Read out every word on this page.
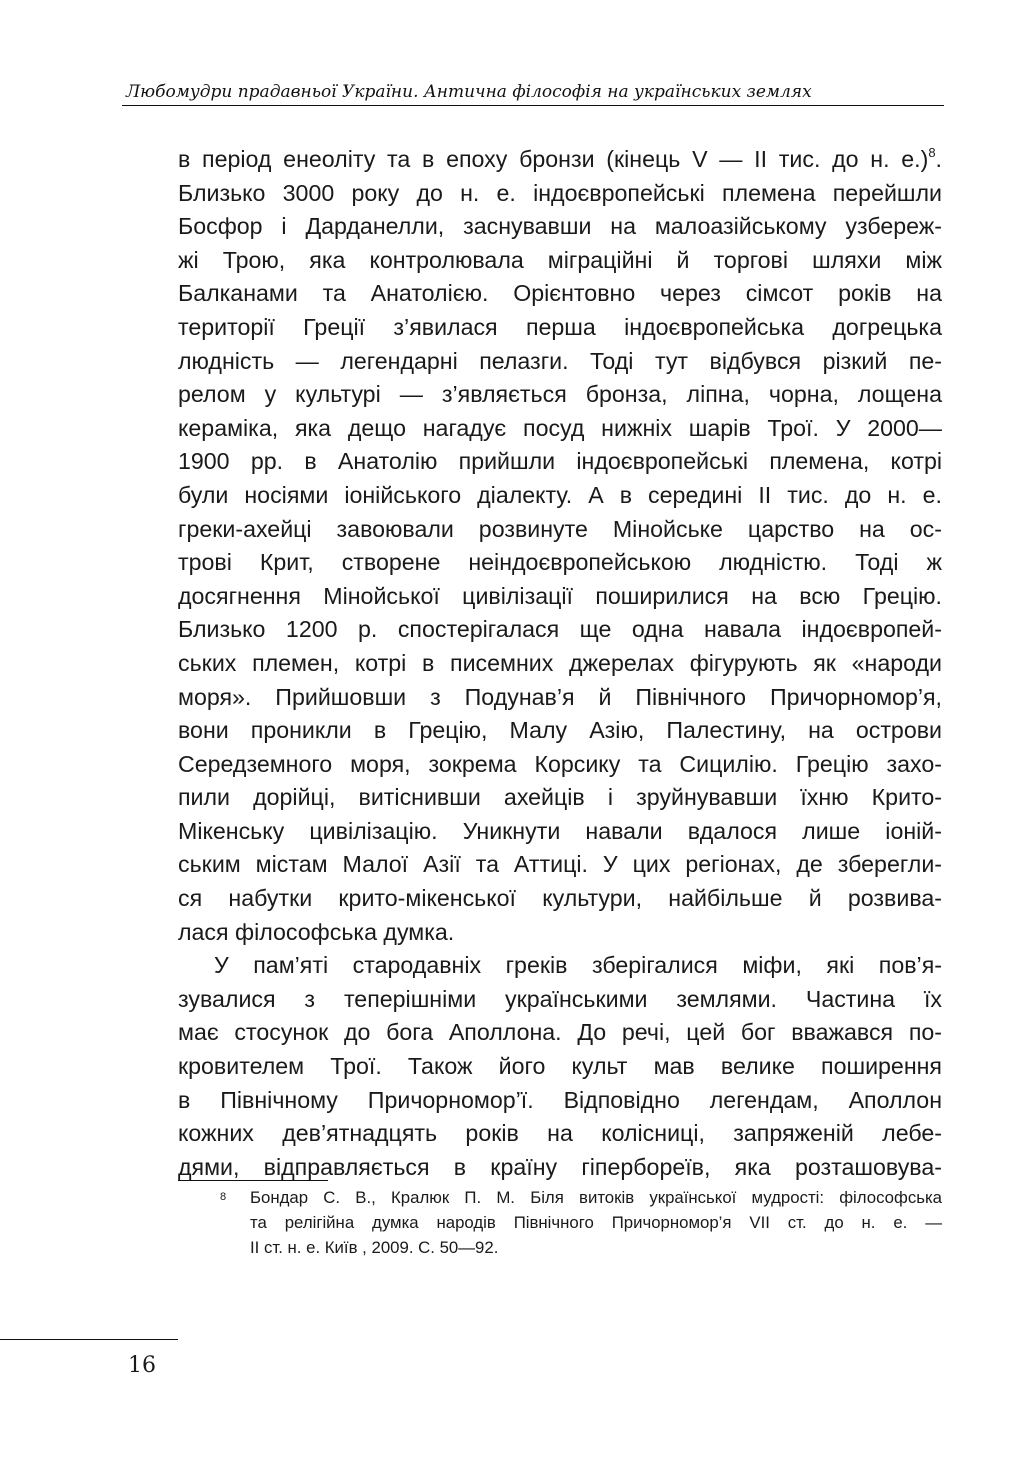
Любомудри прадавньої України. Антична філософія на українських землях
в період енеоліту та в епоху бронзи (кінець V — II тис. до н. е.)$^8$.
Близько 3000 року до н. е. індоєвропейські племена перейшли
Босфор і Дарданелли, заснувавши на малоазійському узбереж-
жі Трою, яка контролювала міграційні й торгові шляхи між
Балканами та Анатолією. Орієнтовно через сімсот років на
території Греції з’явилася перша індоєвропейська догрецька
людність — легендарні пелазги. Тоді тут відбувся різкий пе-
релом у культурі — з’являється бронза, ліпна, чорна, лощена
кераміка, яка дещо нагадує посуд нижніх шарів Трої. У 2000—
1900 рр. в Анатолію прийшли індоєвропейські племена, котрі
були носіями іонійського діалекту. А в середині II тис. до н. е.
греки-ахейці завоювали розвинуте Мінойське царство на ос-
трові Крит, створене неіндоєвропейською людністю. Тоді ж
досягнення Мінойської цивілізації поширилися на всю Грецію.
Близько 1200 р. спостерігалася ще одна навала індоєвропей-
ських племен, котрі в писемних джерелах фігурують як «народи
моря». Прийшовши з Подунав’я й Північного Причорномор’я,
вони проникли в Грецію, Малу Азію, Палестину, на острови
Середземного моря, зокрема Корсику та Сицилію. Грецію захо-
пили дорійці, витіснивши ахейців і зруйнувавши їхню Крито-
Мікенську цивілізацію. Уникнути навали вдалося лише іоній-
ським містам Малої Азії та Аттиці. У цих регіонах, де зберегли-
ся набутки крито-мікенської культури, найбільше й розвива-
лася філософська думка.
У пам’яті стародавніх греків зберігалися міфи, які пов’я-
зувалися з теперішніми українськими землями. Частина їх
має стосунок до бога Аполлона. До речі, цей бог вважався по-
кровителем Трої. Також його культ мав велике поширення
в Північному Причорномор’ї. Відповідно легендам, Аполлон
кожних дев’ятнадцять років на колісниці, запряженій лебе-
дями, відправляється в країну гіпербореїв, яка розташовува-
8 Бондар С. В., Кралюк П. М. Біля витоків української мудрості: філософська
та релігійна думка народів Північного Причорномор’я VII ст. до н. е. —
II ст. н. е. Київ , 2009. С. 50—92.
16
